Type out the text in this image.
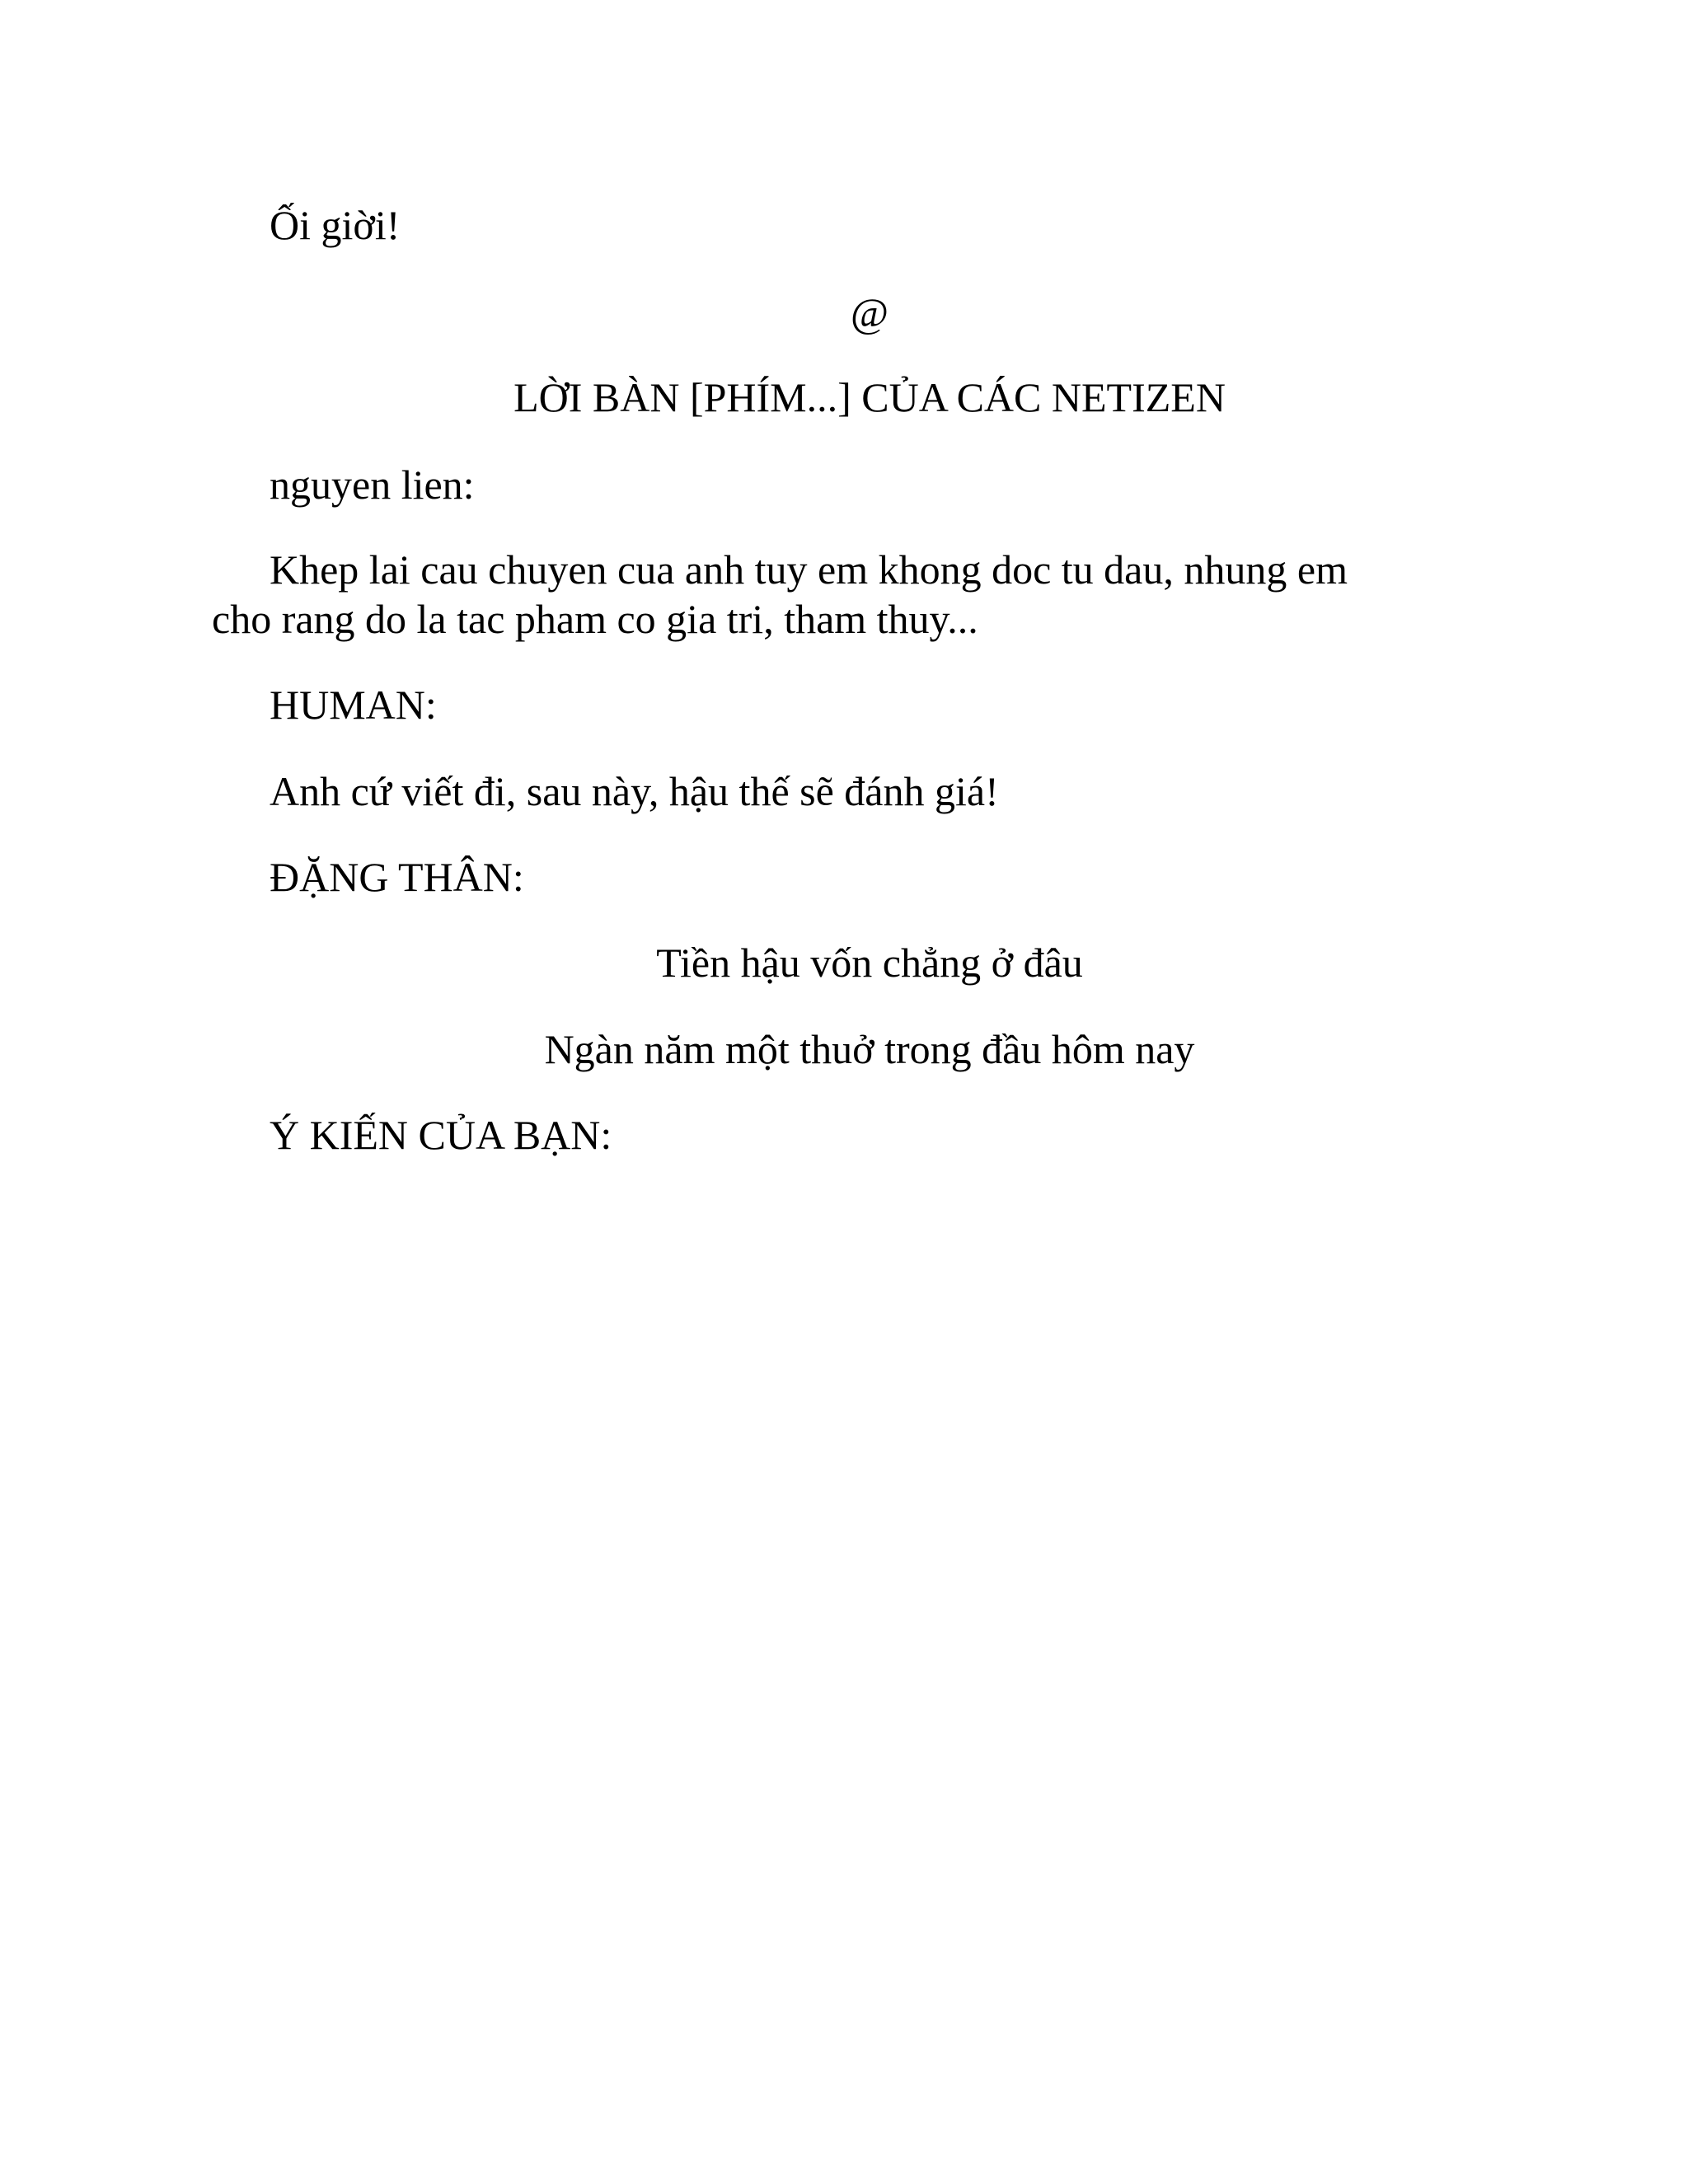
Ối giời!

@

LỜI BÀN [PHÍM...] CỦA CÁC NETIZEN

nguyen lien:

Khep lai cau chuyen cua anh tuy em khong doc tu dau, nhung em

cho rang do la tac pham co gia tri, tham thuy...

HUMAN:

Anh cứ viết đi, sau này, hậu thế sẽ đánh giá!

ĐẶNG THÂN:

Tiền hậu vốn chẳng ở đâu

Ngàn năm một thuở trong đầu hôm nay

Ý KIẾN CỦA BẠN:
